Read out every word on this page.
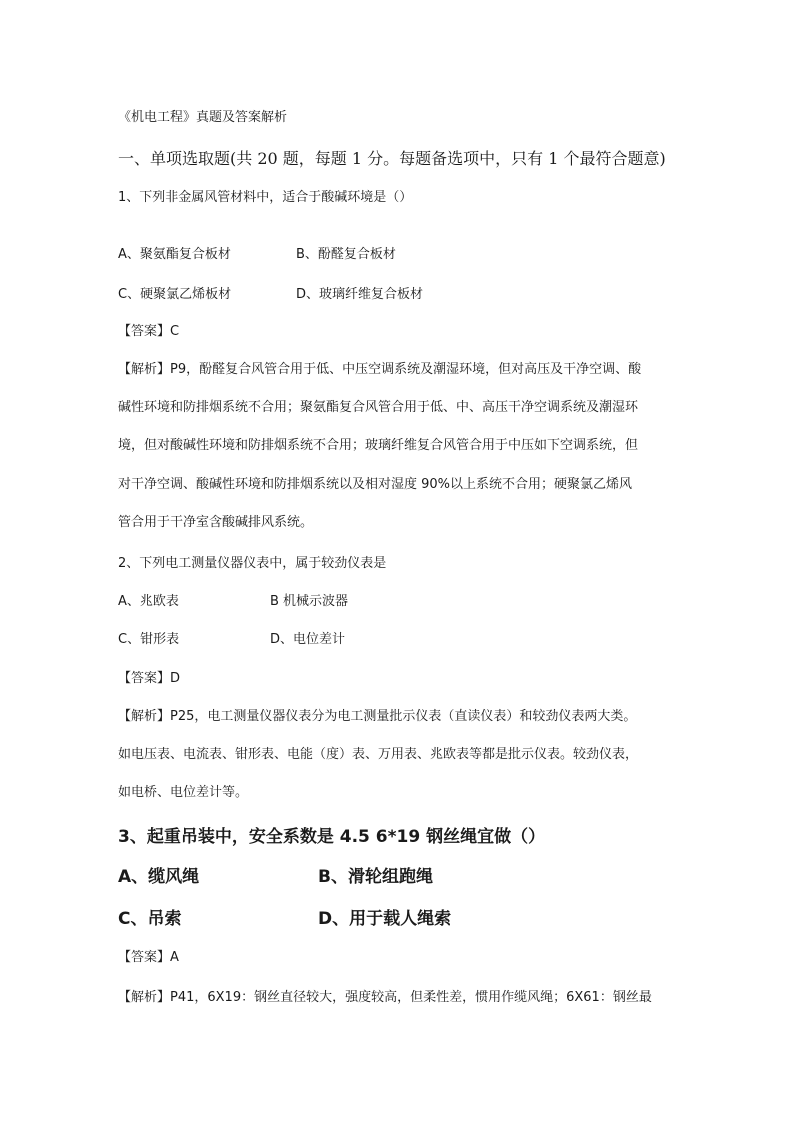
《机电工程》真题及答案解析
一、单项选取题(共 20 题，每题 1 分。每题备选项中，只有 1 个最符合题意)
1、下列非金属风管材料中，适合于酸碱环境是（）
A、聚氨酯复合板材	B、酚醛复合板材
C、硬聚氯乙烯板材	D、玻璃纤维复合板材
【答案】C
【解析】P9，酚醛复合风管合用于低、中压空调系统及潮湿环境，但对高压及干净空调、酸
碱性环境和防排烟系统不合用；聚氨酯复合风管合用于低、中、高压干净空调系统及潮湿环
境，但对酸碱性环境和防排烟系统不合用；玻璃纤维复合风管合用于中压如下空调系统，但
对干净空调、酸碱性环境和防排烟系统以及相对湿度 90%以上系统不合用；硬聚氯乙烯风
管合用于干净室含酸碱排风系统。
2、下列电工测量仪器仪表中，属于较劲仪表是
A、兆欧表	B 机械示波器
C、钳形表	D、电位差计
【答案】D
【解析】P25，电工测量仪器仪表分为电工测量批示仪表（直读仪表）和较劲仪表两大类。
如电压表、电流表、钳形表、电能（度）表、万用表、兆欧表等都是批示仪表。较劲仪表，
如电桥、电位差计等。
3、起重吊装中，安全系数是 4.5 6*19 钢丝绳宜做（）
A、缆风绳	B、滑轮组跑绳
C、吊索	D、用于载人绳索
【答案】A
【解析】P41，6X19：钢丝直径较大，强度较高，但柔性差，惯用作缆风绳；6X61：钢丝最
